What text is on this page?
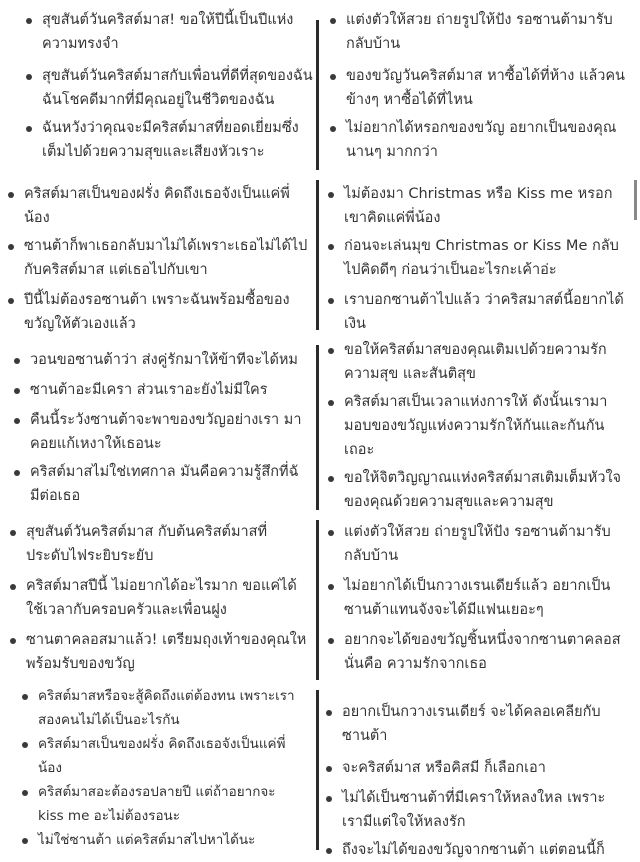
สุขสันต์วันคริสต์มาส! ขอให้ปีนี้เป็นปีแห่ง
ความทรงจำ
สุขสันต์วันคริสต์มาสกับเพื่อนที่ดีที่สุดของฉัน
ฉันโชคดีมากที่มีคุณอยู่ในชีวิตของฉัน
ฉันหวังว่าคุณจะมีคริสต์มาสที่ยอดเยี่ยมซึ่ง
เต็มไปด้วยความสุขและเสียงหัวเราะ
คริสต์มาสเป็นของฝรั่ง คิดถึงเธอจังเป็นแค่พี่
น้อง
ซานต้าก็พาเธอกลับมาไม่ได้เพราะเธอไม่ได้ไป
กับคริสต์มาส แต่เธอไปกับเขา
ปีนี้ไม่ต้องรอซานต้า เพราะฉันพร้อมซื้อของ
ขวัญให้ตัวเองแล้ว
วอนขอซานต้าว่า ส่งคู่รักมาให้ข้าทีจะได้หม
ซานต้าอะมีเครา ส่วนเราอะยังไม่มีใคร
คืนนี้ระวังซานต้าจะพาของขวัญอย่างเรา มา
คอยแก้เหงาให้เธอนะ
คริสต์มาสไม่ใช่เทศกาล มันคือความรู้สึกที่ฉั
มีต่อเธอ
สุขสันต์วันคริสต์มาส กับต้นคริสต์มาสที่
ประดับไฟระยิบระยับ
คริสต์มาสปีนี้ ไม่อยากได้อะไรมาก ขอแค่ได้
ใช้เวลากับครอบครัวและเพื่อนฝูง
ซานตาคลอสมาแล้ว! เตรียมถุงเท้าของคุณให
พร้อมรับของขวัญ
คริสต์มาสหรือจะสู้คิดถึงแต่ต้องทน เพราะเรา
สองคนไม่ได้เป็นอะไรกัน
คริสต์มาสเป็นของฝรั่ง คิดถึงเธอจังเป็นแค่พี่
น้อง
คริสต์มาสอะต้องรอปลายปี แต่ถ้าอยากจะ
kiss me อะไม่ต้องรอนะ
ไม่ใช่ซานต้า แต่คริสต์มาสไปหาได้นะ
แต่งตัวให้สวย ถ่ายรูปให้ปัง รอซานต้ามารับ
กลับบ้าน
ของขวัญวันคริสต์มาส หาซื้อได้ที่ห้าง แล้วคน
ข้างๆ หาซื้อได้ที่ไหน
ไม่อยากได้หรอกของขวัญ อยากเป็นของคุณ
นานๆ มากกว่า
ไม่ต้องมา Christmas หรือ Kiss me หรอก
เขาคิดแค่พี่น้อง
ก่อนจะเล่นมุข Christmas or Kiss Me กลับ
ไปคิดดีๆ ก่อนว่าเป็นอะไรกะเค้าอ่ะ
เราบอกซานต้าไปแล้ว ว่าคริสมาสต์นี้อยากได้
เงิน
ขอให้คริสต์มาสของคุณเติมเปด้วยความรัก
ความสุข และสันติสุข
คริสต์มาสเป็นเวลาแห่งการให้ ดังนั้นเรามา
มอบของขวัญแห่งความรักให้กันและกันกัน
เถอะ
ขอให้จิตวิญญาณแห่งคริสต์มาสเติมเต็มหัวใจ
ของคุณด้วยความสุขและความสุข
แต่งตัวให้สวย ถ่ายรูปให้ปัง รอซานต้ามารับ
กลับบ้าน
ไม่อยากได้เป็นกวางเรนเดียร์แล้ว อยากเป็น
ซานต้าแทนจังจะได้มีแฟนเยอะๆ
อยากจะได้ของขวัญชิ้นหนึ่งจากซานตาคลอส
นั่นคือ ความรักจากเธอ
อยากเป็นกวางเรนเดียร์ จะได้คลอเคลียกับ
ซานต้า
จะคริสต์มาส หรือคิสมี ก็เลือกเอา
ไม่ได้เป็นซานต้าที่มีเคราให้หลงใหล เพราะ
เรามีแต่ใจให้หลงรัก
ถึงจะไม่ได้ของขวัญจากซานต้า แต่ตอนนี้ก็
